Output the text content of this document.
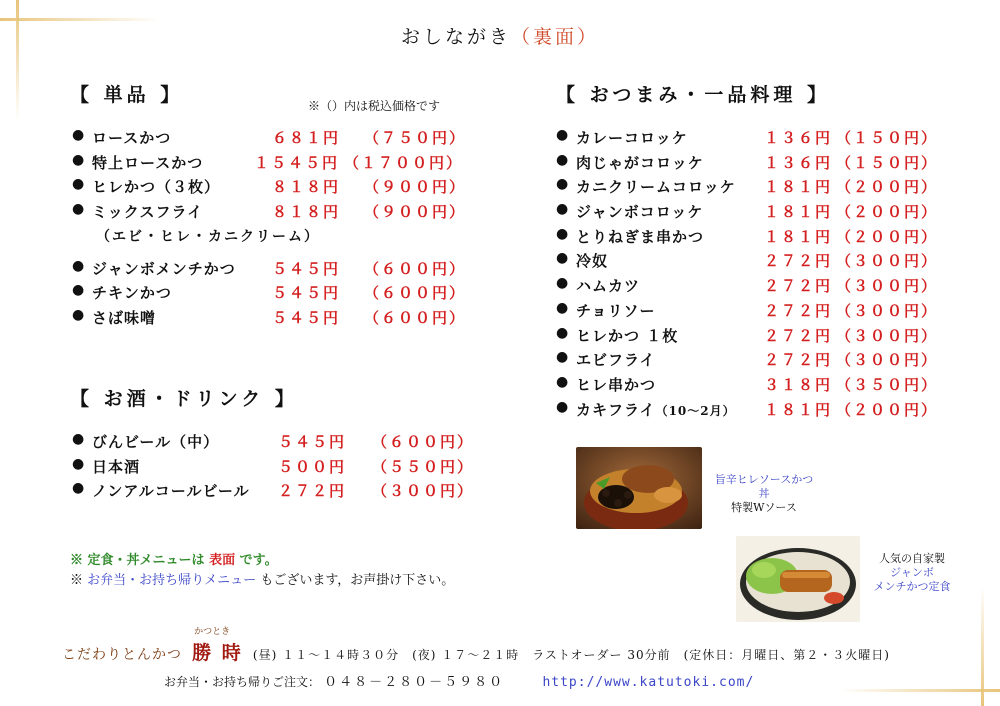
おしながき（裏面）
【 単品 】	※（）内は税込価格です
● ロースかつ	６８１円 （７５０円）
● 特上ロースかつ	１５４５円 （１７００円）
● ヒレかつ（３枚）	８１８円 （９００円）
● ミックスフライ	８１８円 （９００円）
（エビ・ヒレ・カニクリーム）
● ジャンボメンチかつ ５４５円 （６００円）
● チキンかつ	５４５円 （６００円）
● さば味噌	５４５円 （６００円）
【 お酒・ドリンク 】
● びんビール（中）	５４５円 （６００円）
● 日本酒	５００円 （５５０円）
● ノンアルコールビール ２７２円 （３００円）
【 おつまみ・一品料理 】
● カレーコロッケ	１３６円 （１５０円）
● 肉じゃがコロッケ	１３６円 （１５０円）
● カニクリームコロッケ １８１円 （２００円）
● ジャンボコロッケ	１８１円 （２００円）
● とりねぎま串かつ	１８１円 （２００円）
● 冷奴	２７２円 （３００円）
● ハムカツ	２７２円 （３００円）
● チョリソー	２７２円 （３００円）
● ヒレかつ １枚	２７２円 （３００円）
● エビフライ	２７２円 （３００円）
● ヒレ串かつ	３１８円 （３５０円）
● カキフライ（10～2月） １８１円 （２００円）
旨辛ヒレソースかつ丼
特製Wソース
人気の自家製
ジャンボ
メンチかつ定食
※ 定食・丼メニューは 表面 です。
※ お弁当・お持ち帰りメニュー もございます，お声掛け下さい。
こだわりとんかつ
かつとき
勝 時 (昼) １１～１４時３０分　(夜) １７～２１時　ラストオーダー 30分前　(定休日：月曜日、第２・３火曜日)
お弁当・お持ち帰りご注文： ０４８－２８０－５９８０	http://www.katutoki.com/
